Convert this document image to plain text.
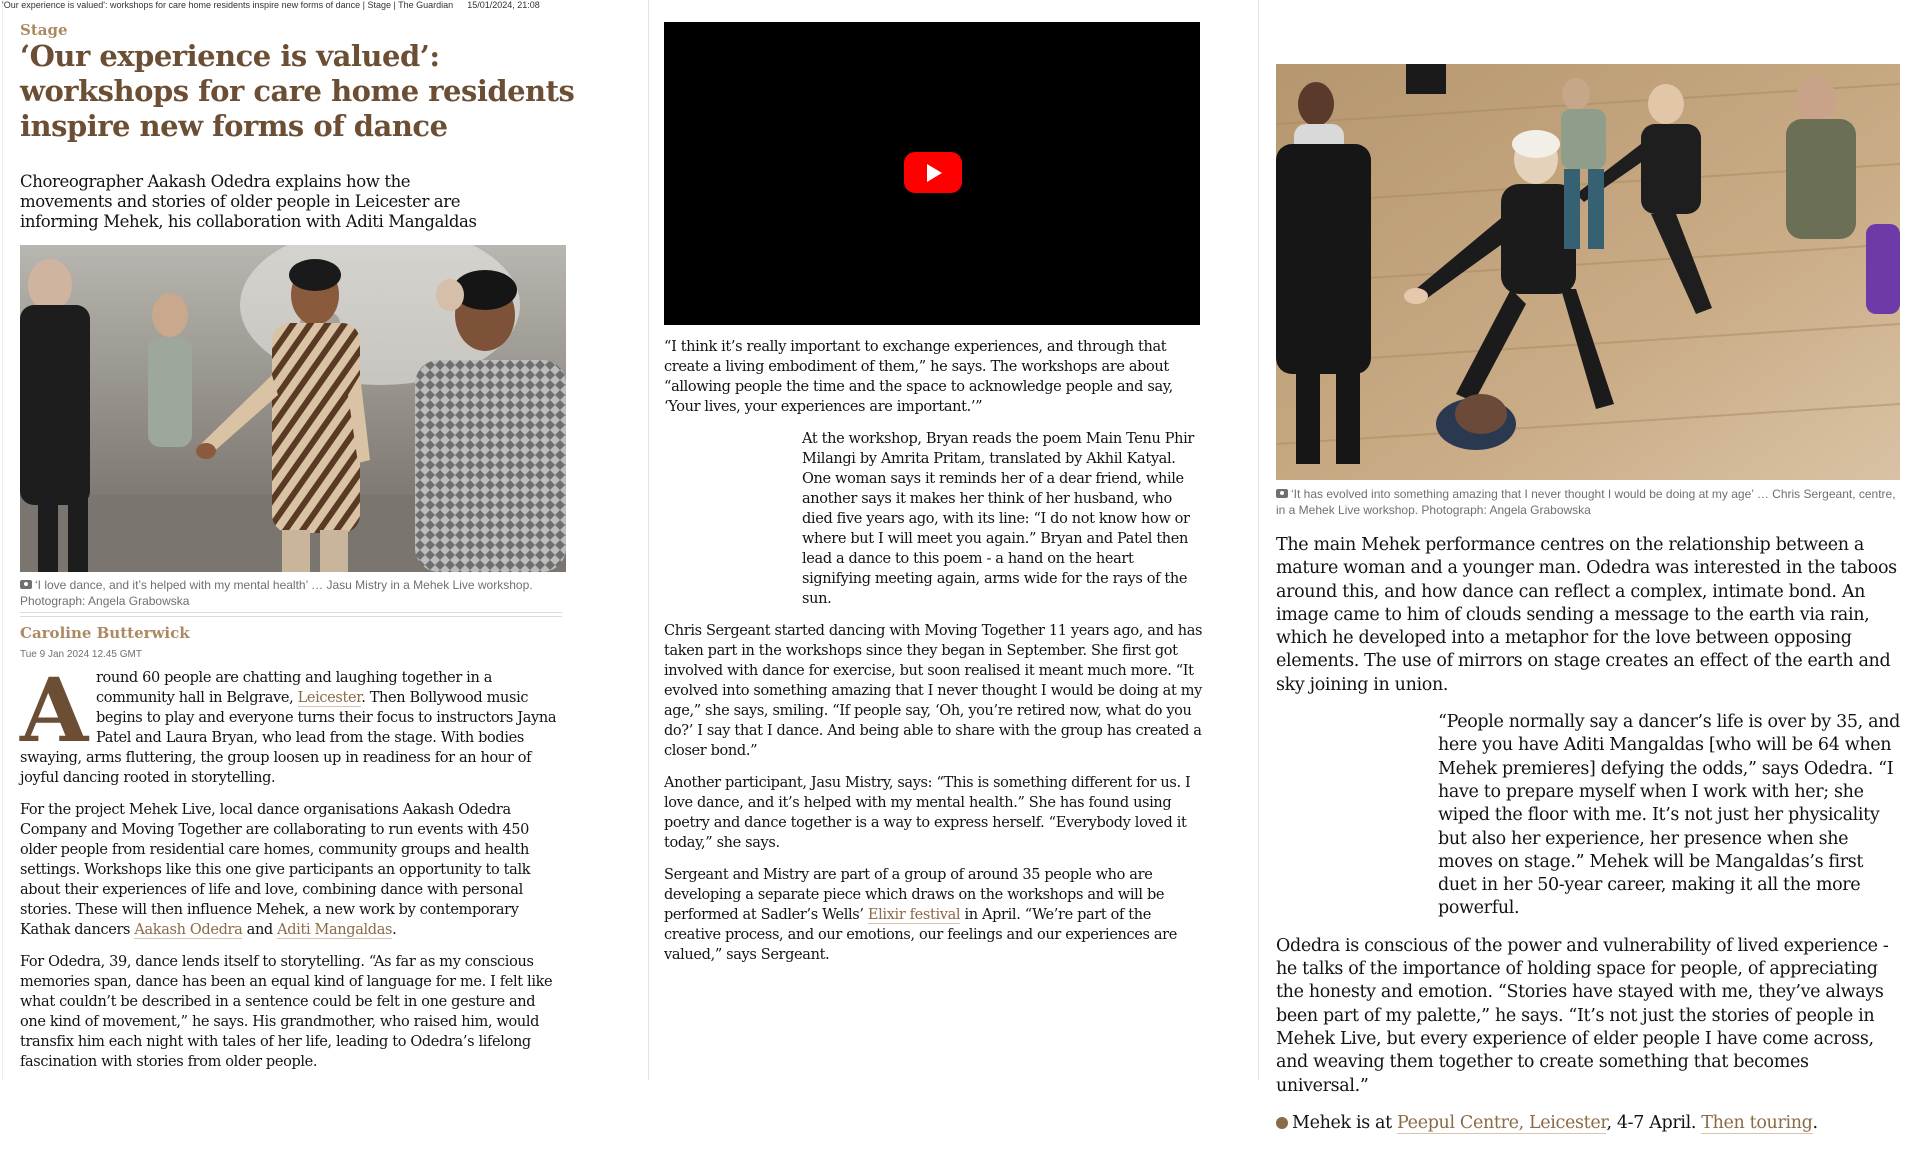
'Our experience is valued': workshops for care home residents inspire new forms of dance | Stage | The Guardian 15/01/2024, 21:08
Stage
‘Our experience is valued’: workshops for care home residents inspire new forms of dance

Choreographer Aakash Odedra explains how the movements and stories of older people in Leicester are informing Mehek, his collaboration with Aditi Mangaldas

‘I love dance, and it’s helped with my mental health’ … Jasu Mistry in a Mehek Live workshop. Photograph: Angela Grabowska
Caroline Butterwick
Tue 9 Jan 2024 12.45 GMT

Around 60 people are chatting and laughing together in a community hall in Belgrave, Leicester. Then Bollywood music begins to play and everyone turns their focus to instructors Jayna Patel and Laura Bryan, who lead from the stage. With bodies swaying, arms fluttering, the group loosen up in readiness for an hour of joyful dancing rooted in storytelling.

For the project Mehek Live, local dance organisations Aakash Odedra Company and Moving Together are collaborating to run events with 450 older people from residential care homes, community groups and health settings. Workshops like this one give participants an opportunity to talk about their experiences of life and love, combining dance with personal stories. These will then influence Mehek, a new work by contemporary Kathak dancers Aakash Odedra and Aditi Mangaldas.

For Odedra, 39, dance lends itself to storytelling. “As far as my conscious memories span, dance has been an equal kind of language for me. I felt like what couldn’t be described in a sentence could be felt in one gesture and one kind of movement,” he says. His grandmother, who raised him, would transfix him each night with tales of her life, leading to Odedra’s lifelong fascination with stories from older people.

“I think it’s really important to exchange experiences, and through that create a living embodiment of them,” he says. The workshops are about “allowing people the time and the space to acknowledge people and say, ‘Your lives, your experiences are important.’”

At the workshop, Bryan reads the poem Main Tenu Phir Milangi by Amrita Pritam, translated by Akhil Katyal. One woman says it reminds her of a dear friend, while another says it makes her think of her husband, who died five years ago, with its line: “I do not know how or where but I will meet you again.” Bryan and Patel then lead a dance to this poem - a hand on the heart signifying meeting again, arms wide for the rays of the sun.

Chris Sergeant started dancing with Moving Together 11 years ago, and has taken part in the workshops since they began in September. She first got involved with dance for exercise, but soon realised it meant much more. “It evolved into something amazing that I never thought I would be doing at my age,” she says, smiling. “If people say, ‘Oh, you’re retired now, what do you do?’ I say that I dance. And being able to share with the group has created a closer bond.”

Another participant, Jasu Mistry, says: “This is something different for us. I love dance, and it’s helped with my mental health.” She has found using poetry and dance together is a way to express herself. “Everybody loved it today,” she says.

Sergeant and Mistry are part of a group of around 35 people who are developing a separate piece which draws on the workshops and will be performed at Sadler’s Wells’ Elixir festival in April. “We’re part of the creative process, and our emotions, our feelings and our experiences are valued,” says Sergeant.

‘It has evolved into something amazing that I never thought I would be doing at my age’ … Chris Sergeant, centre, in a Mehek Live workshop. Photograph: Angela Grabowska

The main Mehek performance centres on the relationship between a mature woman and a younger man. Odedra was interested in the taboos around this, and how dance can reflect a complex, intimate bond. An image came to him of clouds sending a message to the earth via rain, which he developed into a metaphor for the love between opposing elements. The use of mirrors on stage creates an effect of the earth and sky joining in union.

“People normally say a dancer’s life is over by 35, and here you have Aditi Mangaldas [who will be 64 when Mehek premieres] defying the odds,” says Odedra. “I have to prepare myself when I work with her; she wiped the floor with me. It’s not just her physicality but also her experience, her presence when she moves on stage.” Mehek will be Mangaldas’s first duet in her 50-year career, making it all the more powerful.

Odedra is conscious of the power and vulnerability of lived experience - he talks of the importance of holding space for people, of appreciating the honesty and emotion. “Stories have stayed with me, they’ve always been part of my palette,” he says. “It’s not just the stories of people in Mehek Live, but every experience of elder people I have come across, and weaving them together to create something that becomes universal.”

Mehek is at Peepul Centre, Leicester, 4-7 April. Then touring.
